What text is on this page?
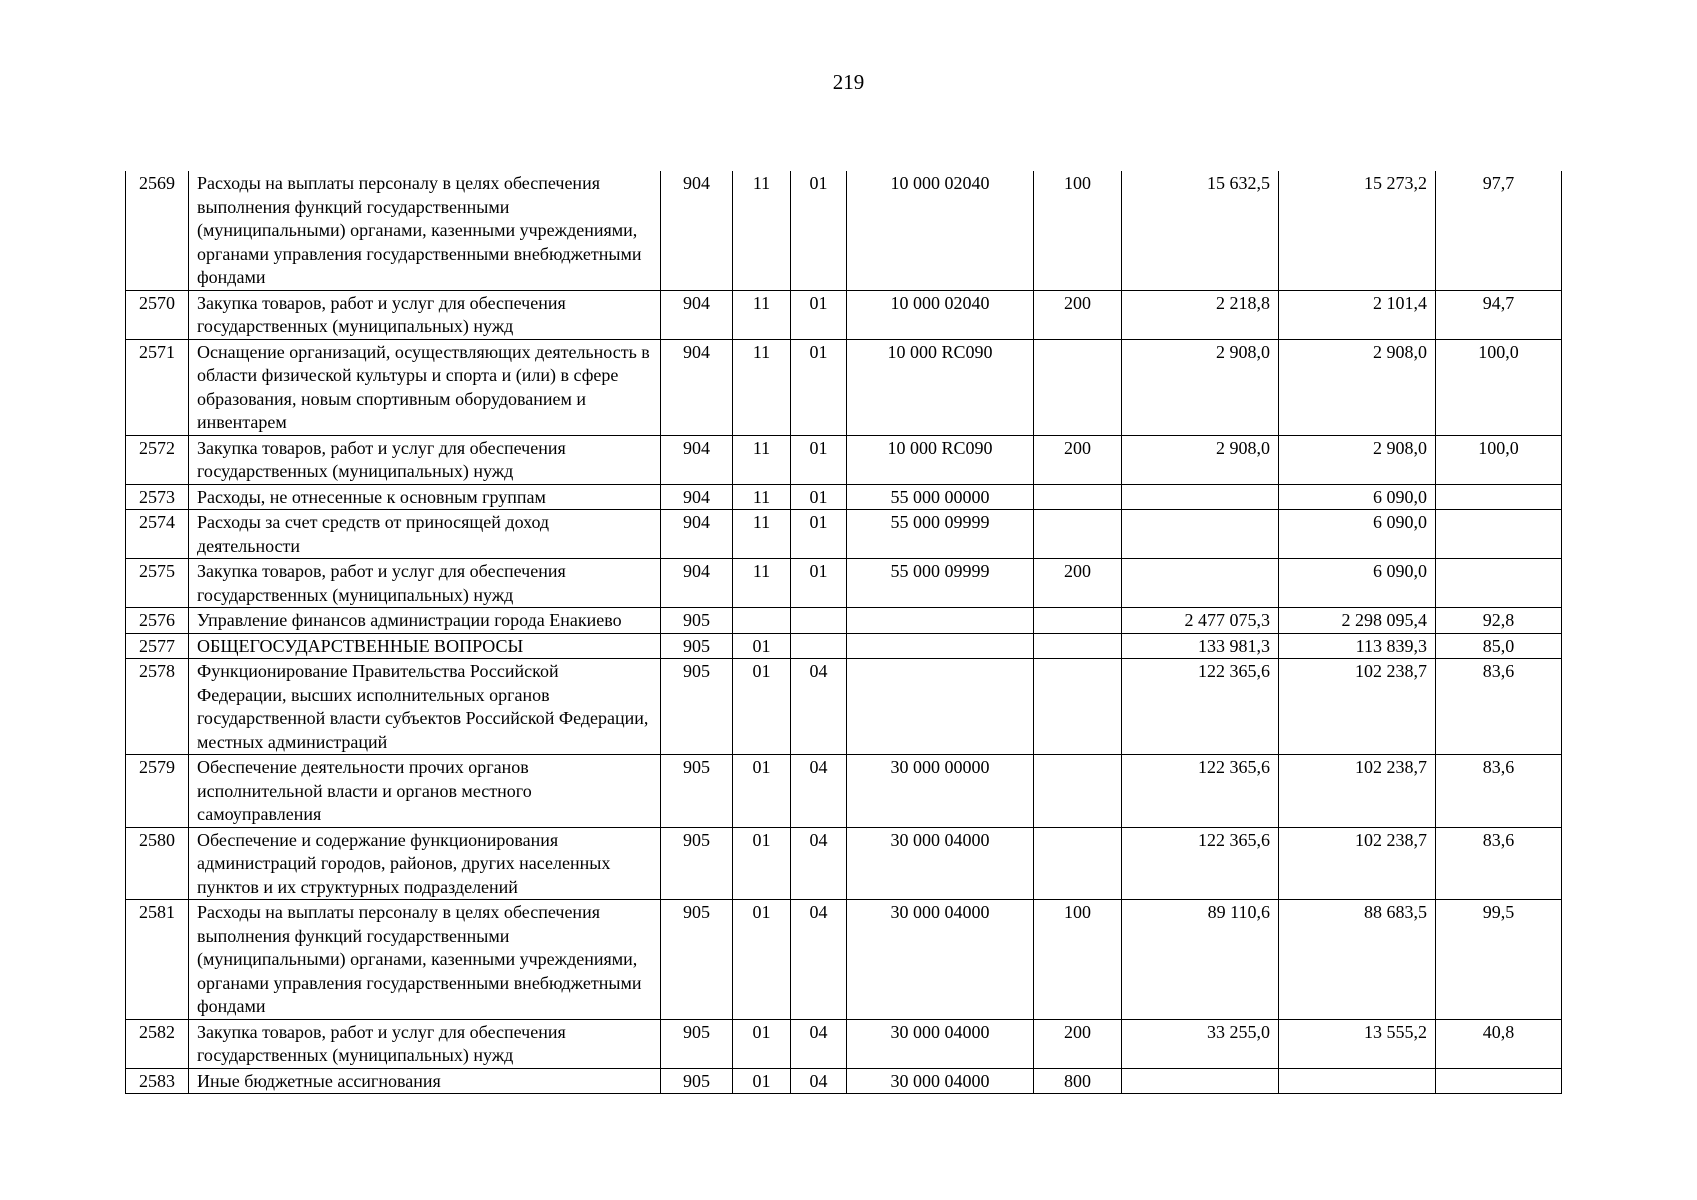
219
2569	Расходы на выплаты персоналу в целях обеспечения выполнения функций государственными (муниципальными) органами, казенными учреждениями, органами управления государственными внебюджетными фондами	904	11	01	10 000 02040	100	15 632,5	15 273,2	97,7
2570	Закупка товаров, работ и услуг для обеспечения государственных (муниципальных) нужд	904	11	01	10 000 02040	200	2 218,8	2 101,4	94,7
2571	Оснащение организаций, осуществляющих деятельность в области физической культуры и спорта и (или) в сфере образования, новым спортивным оборудованием и инвентарем	904	11	01	10 000 RC090		2 908,0	2 908,0	100,0
2572	Закупка товаров, работ и услуг для обеспечения государственных (муниципальных) нужд	904	11	01	10 000 RC090	200	2 908,0	2 908,0	100,0
2573	Расходы, не отнесенные к основным группам	904	11	01	55 000 00000			6 090,0	
2574	Расходы за счет средств от приносящей доход деятельности	904	11	01	55 000 09999			6 090,0	
2575	Закупка товаров, работ и услуг для обеспечения государственных (муниципальных) нужд	904	11	01	55 000 09999	200		6 090,0	
2576	Управление финансов администрации города Енакиево	905					2 477 075,3	2 298 095,4	92,8
2577	ОБЩЕГОСУДАРСТВЕННЫЕ ВОПРОСЫ	905	01				133 981,3	113 839,3	85,0
2578	Функционирование Правительства Российской Федерации, высших исполнительных органов государственной власти субъектов Российской Федерации, местных администраций	905	01	04			122 365,6	102 238,7	83,6
2579	Обеспечение деятельности прочих органов исполнительной власти и органов местного самоуправления	905	01	04	30 000 00000		122 365,6	102 238,7	83,6
2580	Обеспечение и содержание функционирования администраций городов, районов, других населенных пунктов и их структурных подразделений	905	01	04	30 000 04000		122 365,6	102 238,7	83,6
2581	Расходы на выплаты персоналу в целях обеспечения выполнения функций государственными (муниципальными) органами, казенными учреждениями, органами управления государственными внебюджетными фондами	905	01	04	30 000 04000	100	89 110,6	88 683,5	99,5
2582	Закупка товаров, работ и услуг для обеспечения государственных (муниципальных) нужд	905	01	04	30 000 04000	200	33 255,0	13 555,2	40,8
2583	Иные бюджетные ассигнования	905	01	04	30 000 04000	800			
